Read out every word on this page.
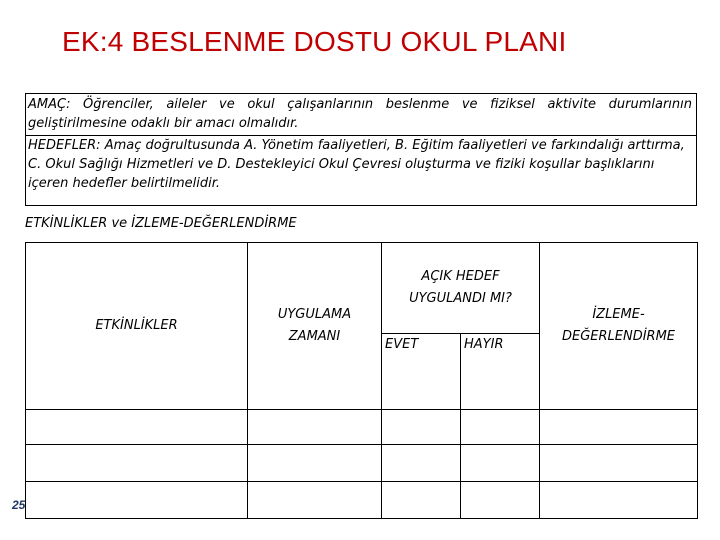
EK:4 BESLENME DOSTU OKUL PLANI
AMAÇ: Öğrenciler, aileler ve okul çalışanlarının beslenme ve fiziksel aktivite durumlarının geliştirilmesine odaklı bir amacı olmalıdır.
HEDEFLER: Amaç doğrultusunda A. Yönetim faaliyetleri, B. Eğitim faaliyetleri ve farkındalığı arttırma, C. Okul Sağlığı Hizmetleri ve D. Destekleyici Okul Çevresi oluşturma ve fiziki koşullar başlıklarını içeren hedefler belirtilmelidir.
ETKİNLİKLER ve İZLEME-DEĞERLENDİRME
ETKİNLİKLER	UYGULAMA ZAMANI	AÇIK HEDEF UYGULANDI MI?		İZLEME-DEĞERLENDİRME
		EVET	HAYIR	

25
